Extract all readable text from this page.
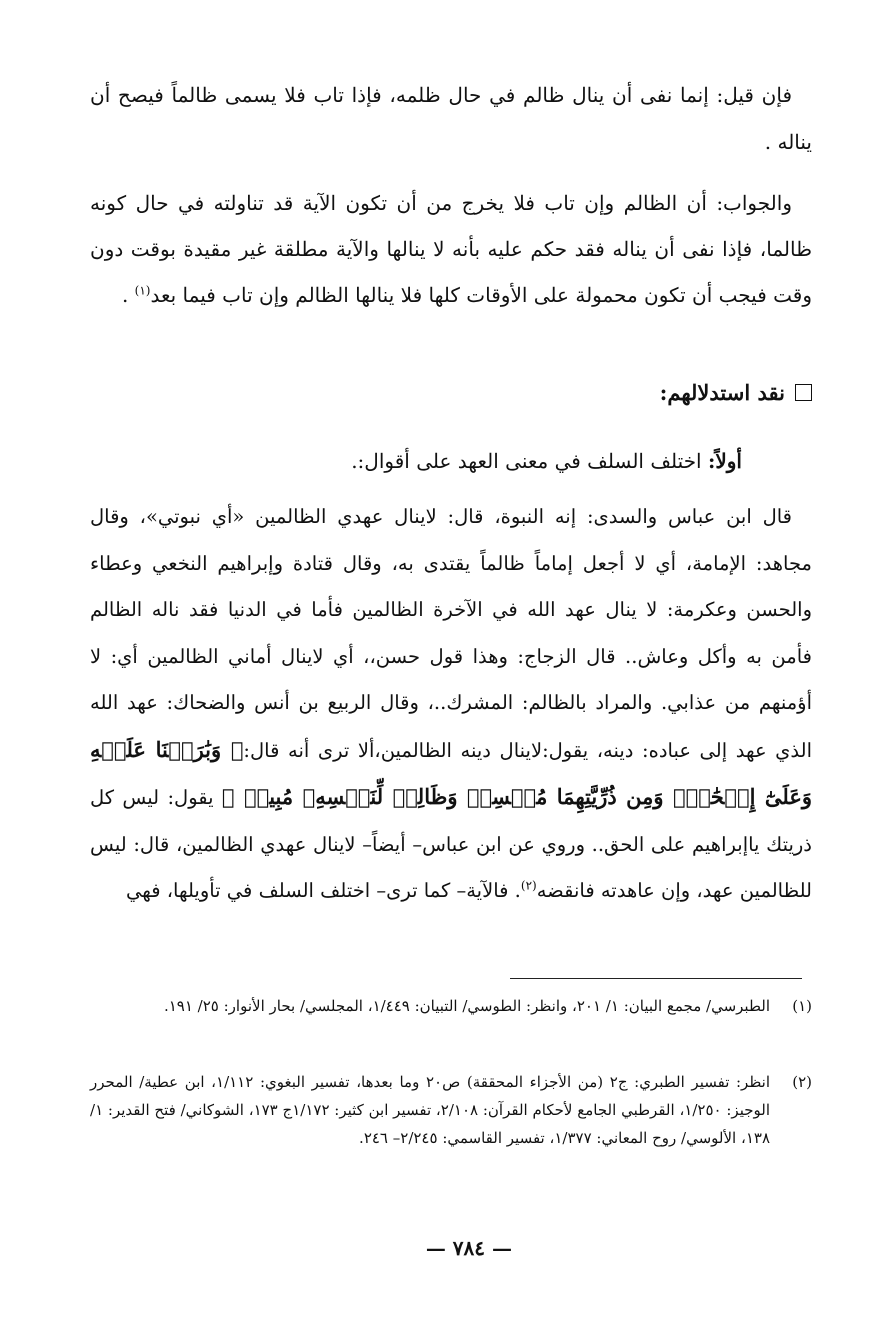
فإن قيل: إنما نفى أن ينال ظالم في حال ظلمه، فإذا تاب فلا يسمى ظالماً فيصح أن يناله .

والجواب: أن الظالم وإن تاب فلا يخرج من أن تكون الآية قد تناولته في حال كونه ظالما، فإذا نفى أن يناله فقد حكم عليه بأنه لا ينالها والآية مطلقة غير مقيدة بوقت دون وقت فيجب أن تكون محمولة على الأوقات كلها فلا ينالها الظالم وإن تاب فيما بعد$^{(١)}$ .

نقد استدلالهم:

أولاً: اختلف السلف في معنى العهد على أقوال:.

قال ابن عباس والسدى: إنه النبوة، قال: لاينال عهدي الظالمين «أي نبوتي»، وقال مجاهد: الإمامة، أي لا أجعل إماماً ظالماً يقتدى به، وقال قتادة وإبراهيم النخعي وعطاء والحسن وعكرمة: لا ينال عهد الله في الآخرة الظالمين فأما في الدنيا فقد ناله الظالم فأمن به وأكل وعاش.. قال الزجاج: وهذا قول حسن،، أي لاينال أماني الظالمين أي: لا أؤمنهم من عذابي. والمراد بالظالم: المشرك..، وقال الربيع بن أنس والضحاك: عهد الله الذي عهد إلى عباده: دينه، يقول:لاينال دينه الظالمين،ألا ترى أنه قال:﴿ وَبَٰرَكۡنَا عَلَيۡهِ وَعَلَىٰٓ إِسۡحَٰقَۚ وَمِن ذُرِّيَّتِهِمَا مُحۡسِنٞ وَظَالِمٞ لِّنَفۡسِهِۦ مُبِينٞ ﴾ يقول: ليس كل ذريتك ياإبراهيم على الحق.. وروي عن ابن عباس– أيضاً– لاينال عهدي الظالمين، قال: ليس للظالمين عهد، وإن عاهدته فانقضه$^{(٢)}$. فالآية– كما ترى– اختلف السلف في تأويلها، فهي

(١)
الطبرسي/ مجمع البيان: ١/ ٢٠١، وانظر: الطوسي/ التبيان: ١/٤٤٩، المجلسي/ بحار الأنوار: ٢٥/ ١٩١.
(٢)
انظر: تفسير الطبري: ج٢ (من الأجزاء المحققة) ص٢٠ وما بعدها، تفسير البغوي: ١/١١٢، ابن عطية/ المحرر الوجيز: ١/٢٥٠، القرطبي الجامع لأحكام القرآن: ٢/١٠٨، تفسير ابن كثير: ١/١٧٢ج ١٧٣، الشوكاني/ فتح القدير: ١/ ١٣٨، الألوسي/ روح المعاني: ١/٣٧٧، تفسير القاسمي: ٢/٢٤٥– ٢٤٦.
— ٧٨٤ —
